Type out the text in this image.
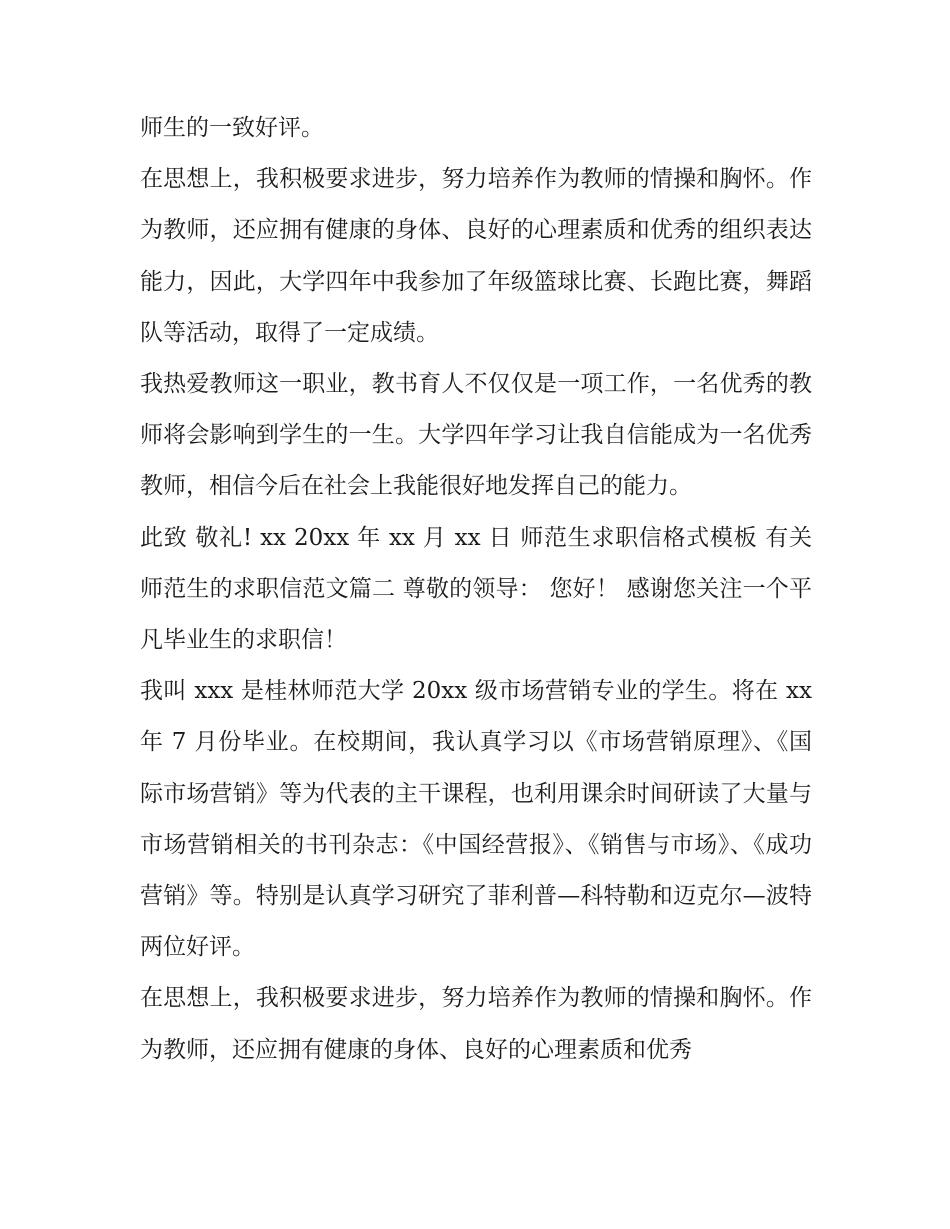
师生的一致好评。

在思想上，我积极要求进步，努力培养作为教师的情操和胸怀。作为教师，还应拥有健康的身体、良好的心理素质和优秀的组织表达能力，因此，大学四年中我参加了年级篮球比赛、长跑比赛，舞蹈队等活动，取得了一定成绩。

我热爱教师这一职业，教书育人不仅仅是一项工作，一名优秀的教师将会影响到学生的一生。大学四年学习让我自信能成为一名优秀教师，相信今后在社会上我能很好地发挥自己的能力。

此致 敬礼! xx 20xx 年 xx 月 xx 日 师范生求职信格式模板 有关师范生的求职信范文篇二 尊敬的领导： 您好！ 感谢您关注一个平凡毕业生的求职信！

我叫 xxx 是桂林师范大学 20xx 级市场营销专业的学生。将在 xx 年 7 月份毕业。在校期间，我认真学习以《市场营销原理》、《国际市场营销》等为代表的主干课程，也利用课余时间研读了大量与市场营销相关的书刊杂志：《中国经营报》、《销售与市场》、《成功营销》等。特别是认真学习研究了菲利普—科特勒和迈克尔—波特两位好评。

在思想上，我积极要求进步，努力培养作为教师的情操和胸怀。作为教师，还应拥有健康的身体、良好的心理素质和优秀
